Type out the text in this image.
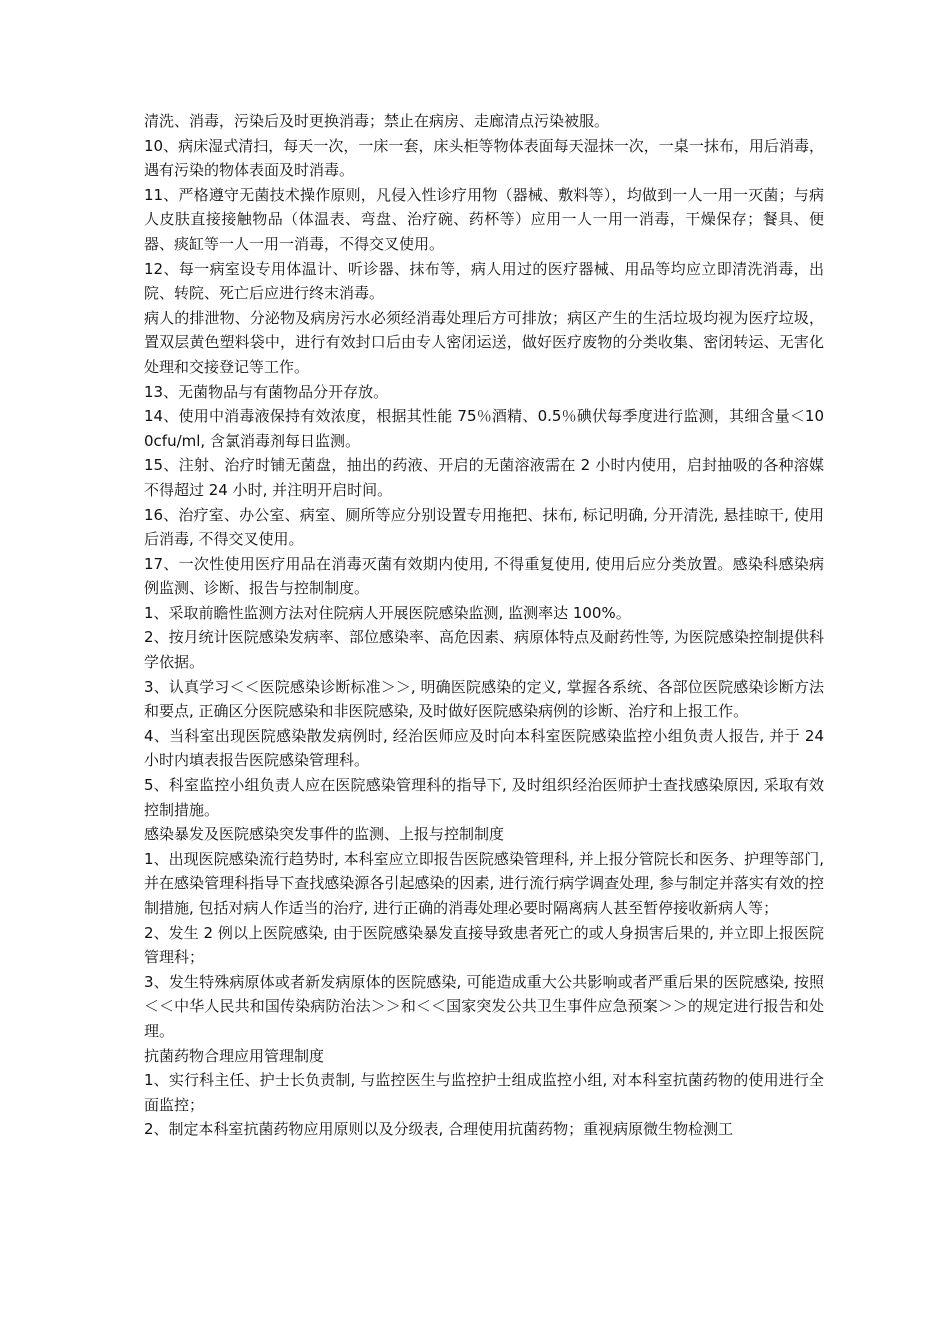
清洗、消毒，污染后及时更换消毒；禁止在病房、走廊清点污染被服。

10、病床湿式清扫，每天一次，一床一套，床头柜等物体表面每天湿抹一次，一桌一抹布，用后消毒，遇有污染的物体表面及时消毒。

11、严格遵守无菌技术操作原则，凡侵入性诊疗用物（器械、敷料等），均做到一人一用一灭菌；与病人皮肤直接接触物品（体温表、弯盘、治疗碗、药杯等）应用一人一用一消毒，干燥保存；餐具、便器、痰缸等一人一用一消毒，不得交叉使用。

12、每一病室设专用体温计、听诊器、抹布等，病人用过的医疗器械、用品等均应立即清洗消毒，出院、转院、死亡后应进行终末消毒。

病人的排泄物、分泌物及病房污水必须经消毒处理后方可排放；病区产生的生活垃圾均视为医疗垃圾，置双层黄色塑料袋中，进行有效封口后由专人密闭运送，做好医疗废物的分类收集、密闭转运、无害化处理和交接登记等工作。

13、无菌物品与有菌物品分开存放。

14、使用中消毒液保持有效浓度，根据其性能 75％酒精、0.5％碘伏每季度进行监测，其细含量＜100cfu/ml, 含氯消毒剂每日监测。

15、注射、治疗时铺无菌盘，抽出的药液、开启的无菌溶液需在 2 小时内使用，启封抽吸的各种溶媒不得超过 24 小时, 并注明开启时间。

16、治疗室、办公室、病室、厕所等应分别设置专用拖把、抹布, 标记明确, 分开清洗, 悬挂晾干, 使用后消毒, 不得交叉使用。

17、一次性使用医疗用品在消毒灭菌有效期内使用, 不得重复使用, 使用后应分类放置。感染科感染病例监测、诊断、报告与控制制度。

1、采取前瞻性监测方法对住院病人开展医院感染监测, 监测率达 100%。

2、按月统计医院感染发病率、部位感染率、高危因素、病原体特点及耐药性等, 为医院感染控制提供科学依据。

3、认真学习＜＜医院感染诊断标准＞＞, 明确医院感染的定义, 掌握各系统、各部位医院感染诊断方法和要点, 正确区分医院感染和非医院感染, 及时做好医院感染病例的诊断、治疗和上报工作。

4、当科室出现医院感染散发病例时, 经治医师应及时向本科室医院感染监控小组负责人报告, 并于 24 小时内填表报告医院感染管理科。

5、科室监控小组负责人应在医院感染管理科的指导下, 及时组织经治医师护士查找感染原因, 采取有效控制措施。

感染暴发及医院感染突发事件的监测、上报与控制制度

1、出现医院感染流行趋势时, 本科室应立即报告医院感染管理科, 并上报分管院长和医务、护理等部门, 并在感染管理科指导下查找感染源各引起感染的因素, 进行流行病学调查处理, 参与制定并落实有效的控制措施, 包括对病人作适当的治疗, 进行正确的消毒处理必要时隔离病人甚至暂停接收新病人等；

2、发生 2 例以上医院感染, 由于医院感染暴发直接导致患者死亡的或人身损害后果的, 并立即上报医院管理科；

3、发生特殊病原体或者新发病原体的医院感染, 可能造成重大公共影响或者严重后果的医院感染, 按照＜＜中华人民共和国传染病防治法＞＞和＜＜国家突发公共卫生事件应急预案＞＞的规定进行报告和处理。

抗菌药物合理应用管理制度

1、实行科主任、护士长负责制, 与监控医生与监控护士组成监控小组, 对本科室抗菌药物的使用进行全面监控；

2、制定本科室抗菌药物应用原则以及分级表, 合理使用抗菌药物；重视病原微生物检测工
